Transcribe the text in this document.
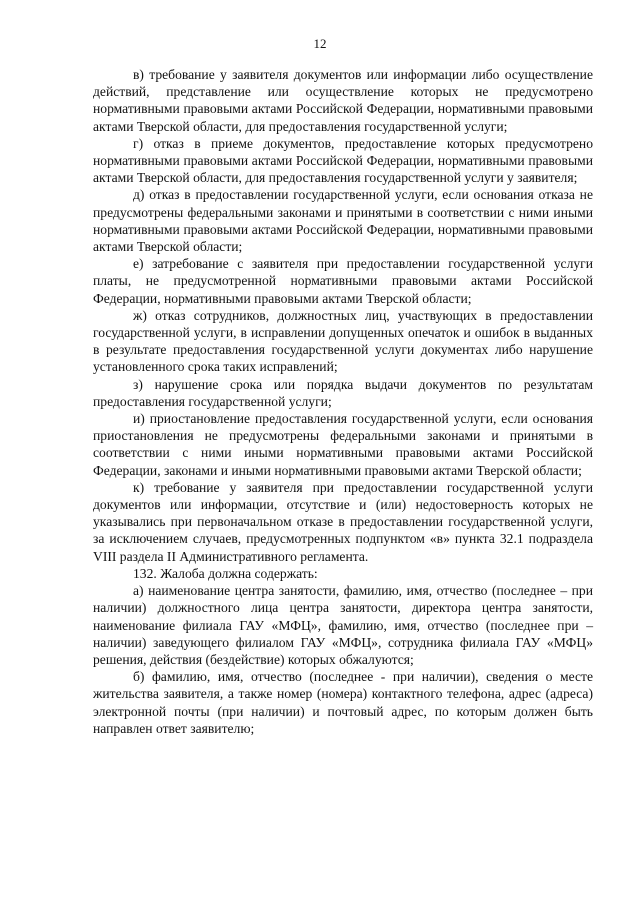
12

в) требование у заявителя документов или информации либо осуществление действий, представление или осуществление которых не предусмотрено нормативными правовыми актами Российской Федерации, нормативными правовыми актами Тверской области, для предоставления государственной услуги;

г) отказ в приеме документов, предоставление которых предусмотрено нормативными правовыми актами Российской Федерации, нормативными правовыми актами Тверской области, для предоставления государственной услуги у заявителя;

д) отказ в предоставлении государственной услуги, если основания отказа не предусмотрены федеральными законами и принятыми в соответствии с ними иными нормативными правовыми актами Российской Федерации, нормативными правовыми актами Тверской области;

е) затребование с заявителя при предоставлении государственной услуги платы, не предусмотренной нормативными правовыми актами Российской Федерации, нормативными правовыми актами Тверской области;

ж) отказ сотрудников, должностных лиц, участвующих в предоставлении государственной услуги, в исправлении допущенных опечаток и ошибок в выданных в результате предоставления государственной услуги документах либо нарушение установленного срока таких исправлений;

з) нарушение срока или порядка выдачи документов по результатам предоставления государственной услуги;

и) приостановление предоставления государственной услуги, если основания приостановления не предусмотрены федеральными законами и принятыми в соответствии с ними иными нормативными правовыми актами Российской Федерации, законами и иными нормативными правовыми актами Тверской области;

к) требование у заявителя при предоставлении государственной услуги документов или информации, отсутствие и (или) недостоверность которых не указывались при первоначальном отказе в предоставлении государственной услуги, за исключением случаев, предусмотренных подпунктом «в» пункта 32.1 подраздела VIII раздела II Административного регламента.

132. Жалоба должна содержать:

а) наименование центра занятости, фамилию, имя, отчество (последнее – при наличии) должностного лица центра занятости, директора центра занятости, наименование филиала ГАУ «МФЦ», фамилию, имя, отчество (последнее при – наличии) заведующего филиалом ГАУ «МФЦ», сотрудника филиала ГАУ «МФЦ» решения, действия (бездействие) которых обжалуются;

б) фамилию, имя, отчество (последнее - при наличии), сведения о месте жительства заявителя, а также номер (номера) контактного телефона, адрес (адреса) электронной почты (при наличии) и почтовый адрес, по которым должен быть направлен ответ заявителю;
